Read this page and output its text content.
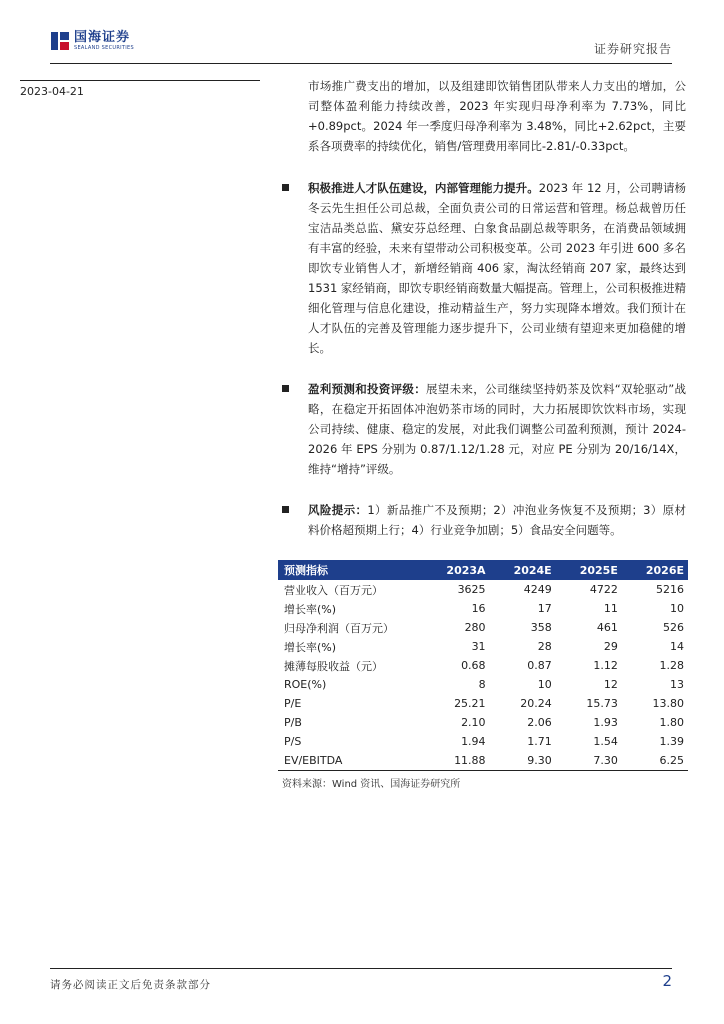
国海证券
SEALAND SECURITIES	证券研究报告
2023-04-21	市场推广费支出的增加，以及组建即饮销售团队带来人力支出的增加，公司整体盈利能力持续改善，2023 年实现归母净利率为 7.73%，同比+0.89pct。2024 年一季度归母净利率为 3.48%，同比+2.62pct，主要系各项费率的持续优化，销售/管理费用率同比-2.81/-0.33pct。

积极推进人才队伍建设，内部管理能力提升。2023 年 12 月，公司聘请杨冬云先生担任公司总裁，全面负责公司的日常运营和管理。杨总裁曾历任宝洁品类总监、黛安芬总经理、白象食品副总裁等职务，在消费品领域拥有丰富的经验，未来有望带动公司积极变革。公司 2023 年引进 600 多名即饮专业销售人才，新增经销商 406 家，淘汰经销商 207 家，最终达到 1531 家经销商，即饮专职经销商数量大幅提高。管理上，公司积极推进精细化管理与信息化建设，推动精益生产，努力实现降本增效。我们预计在人才队伍的完善及管理能力逐步提升下，公司业绩有望迎来更加稳健的增长。
盈利预测和投资评级：展望未来，公司继续坚持奶茶及饮料“双轮驱动”战略，在稳定开拓固体冲泡奶茶市场的同时，大力拓展即饮饮料市场，实现公司持续、健康、稳定的发展，对此我们调整公司盈利预测，预计 2024-2026 年 EPS 分别为 0.87/1.12/1.28 元，对应 PE 分别为 20/16/14X，维持“增持”评级。
风险提示：1）新品推广不及预期；2）冲泡业务恢复不及预期；3）原材料价格超预期上行；4）行业竞争加剧；5）食品安全问题等。
预测指标	2023A	2024E	2025E	2026E
营业收入（百万元）	3625	4249	4722	5216
增长率(%)	16	17	11	10
归母净利润（百万元）	280	358	461	526
增长率(%)	31	28	29	14
摊薄每股收益（元）	0.68	0.87	1.12	1.28
ROE(%)	8	10	12	13
P/E	25.21	20.24	15.73	13.80
P/B	2.10	2.06	1.93	1.80
P/S	1.94	1.71	1.54	1.39
EV/EBITDA	11.88	9.30	7.30	6.25
资料来源：Wind 资讯、国海证券研究所
请务必阅读正文后免责条款部分	2
